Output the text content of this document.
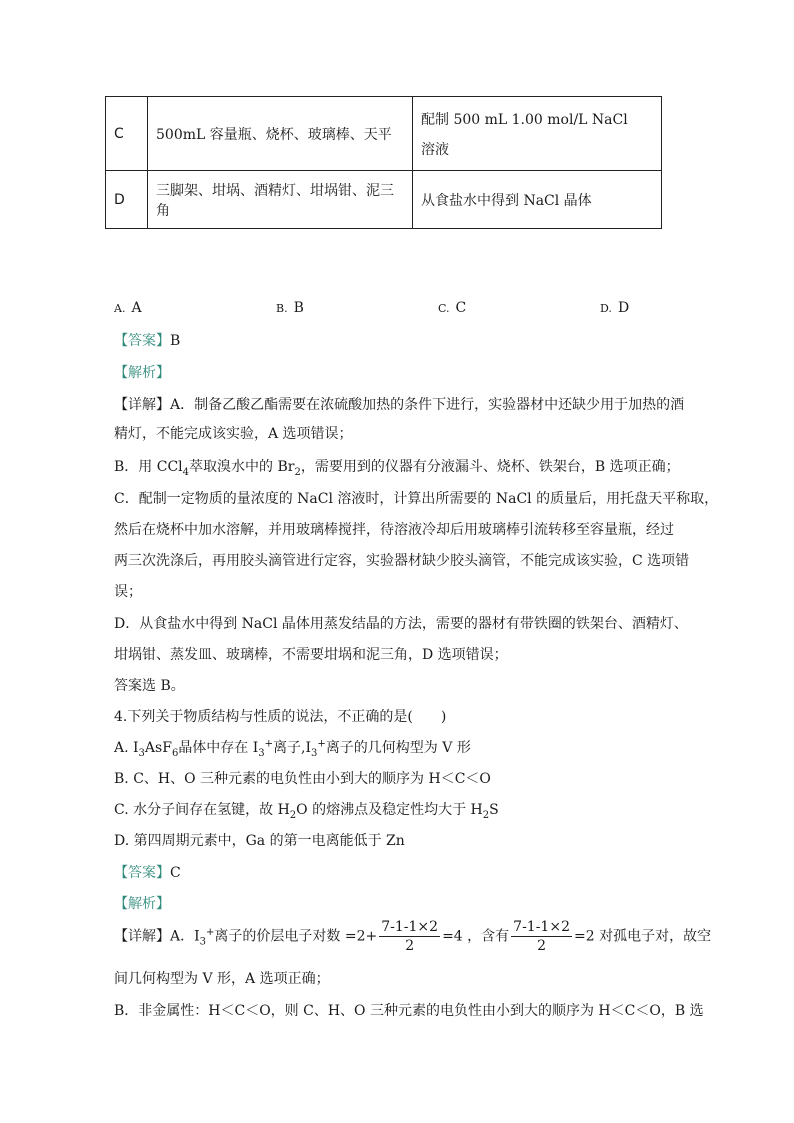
C	500mL 容量瓶、烧杯、玻璃棒、天平	配制 500 mL 1.00 mol/L NaCl
溶液

D	三脚架、坩埚、酒精灯、坩埚钳、泥三角	从食盐水中得到 NaCl 晶体
A. A	B. B	C. C	D. D
【答案】B
【解析】
【详解】A．制备乙酸乙酯需要在浓硫酸加热的条件下进行，实验器材中还缺少用于加热的酒
精灯，不能完成该实验，A 选项错误；
B．用 CCl$_4$萃取溴水中的 $Br_2$，需要用到的仪器有分液漏斗、烧杯、铁架台，B 选项正确；
C．配制一定物质的量浓度的 NaCl 溶液时，计算出所需要的 NaCl 的质量后，用托盘天平称取，
然后在烧杯中加水溶解，并用玻璃棒搅拌，待溶液冷却后用玻璃棒引流转移至容量瓶，经过
两三次洗涤后，再用胶头滴管进行定容，实验器材缺少胶头滴管，不能完成该实验，C 选项错
误；
D．从食盐水中得到 NaCl 晶体用蒸发结晶的方法，需要的器材有带铁圈的铁架台、酒精灯、
坩埚钳、蒸发皿、玻璃棒，不需要坩埚和泥三角，D 选项错误；
答案选 B。
4.下列关于物质结构与性质的说法，不正确的是(　　)
A. $I_3AsF_6$晶体中存在 $I_3^+$离子$,I_3^+$离子的几何构型为 V 形
B. C、H、O 三种元素的电负性由小到大的顺序为 H＜C＜O
C. 水分子间存在氢键，故 $H_2O$ 的熔沸点及稳定性均大于 $H_2S$
D. 第四周期元素中，Ga 的第一电离能低于 Zn
【答案】C
【解析】
【详解】A．$I_3^+$离子的价层电子对数 $=2+ \frac{7-1-1\times 2}{2} =4$ ，含有 $\frac{7-1-1\times 2}{2} =2$ 对孤电子对，故空
间几何构型为 V 形，A 选项正确；
B．非金属性：H＜C＜O，则 C、H、O 三种元素的电负性由小到大的顺序为 H＜C＜O，B 选
